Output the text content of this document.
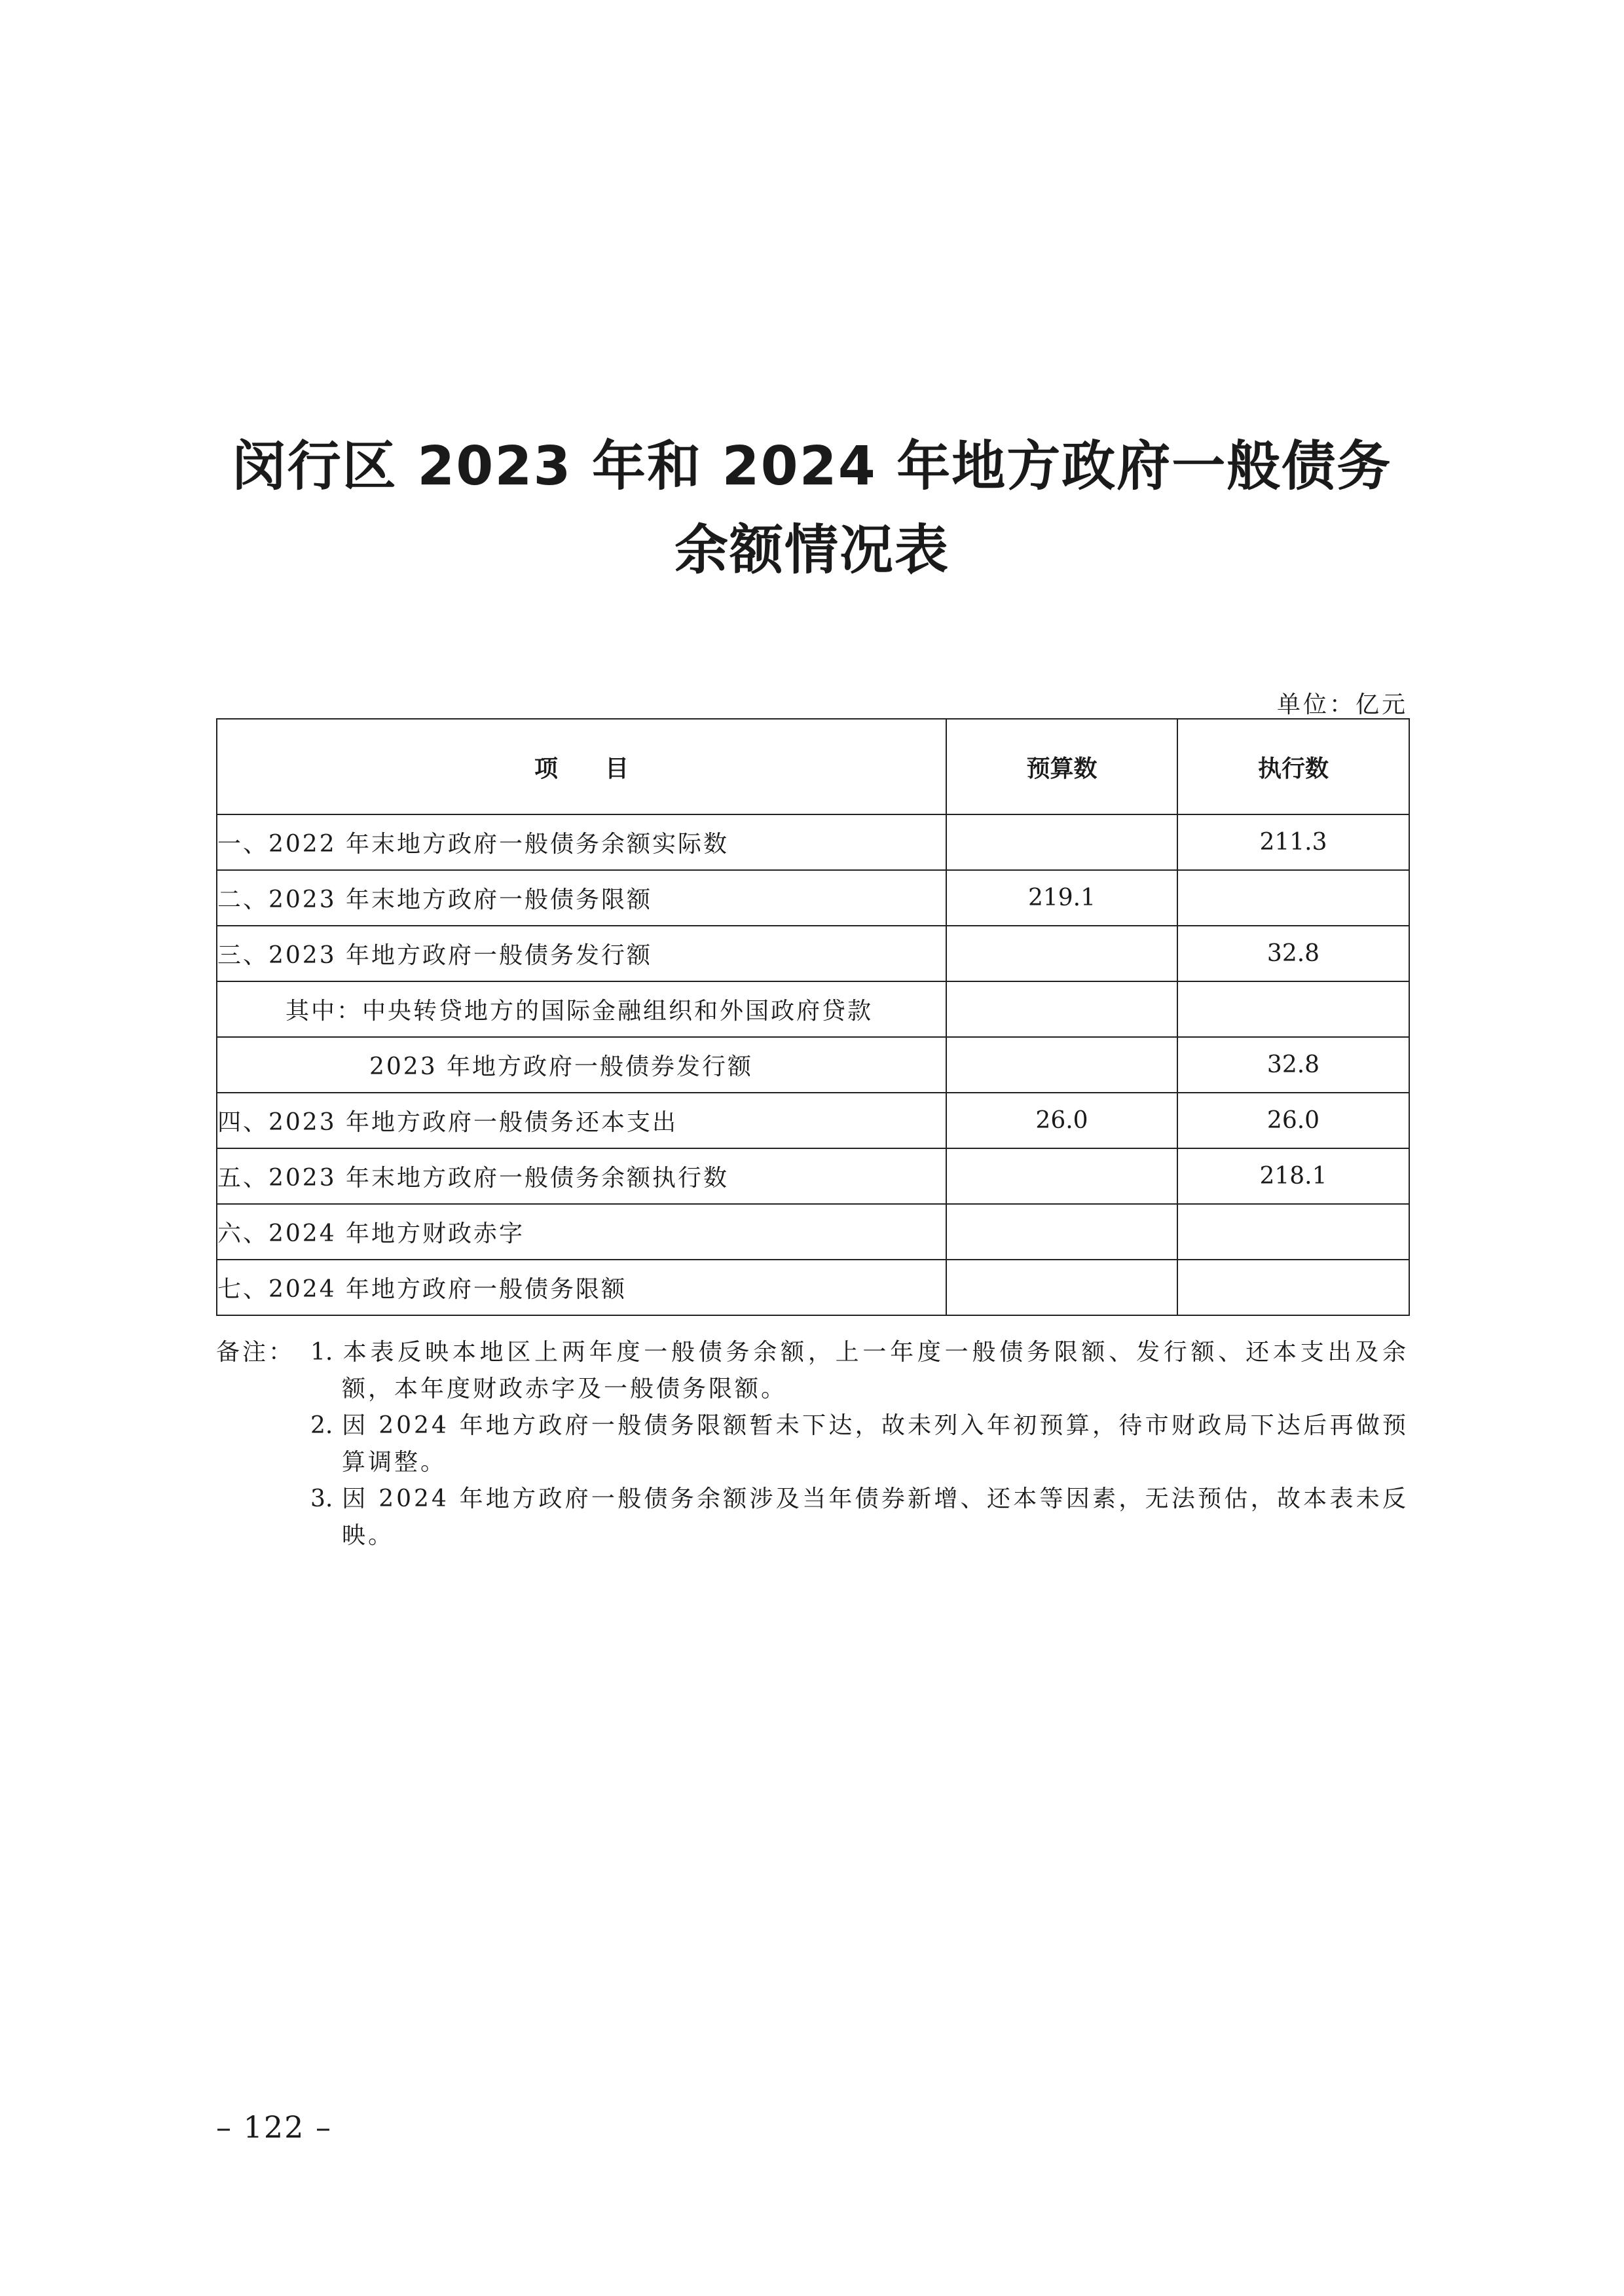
闵行区 2023 年和 2024 年地方政府一般债务
余额情况表
单位：亿元
项　　目	预算数	执行数
一、2022 年末地方政府一般债务余额实际数		211.3
二、2023 年末地方政府一般债务限额	219.1	
三、2023 年地方政府一般债务发行额		32.8
其中：中央转贷地方的国际金融组织和外国政府贷款		
2023 年地方政府一般债券发行额		32.8
四、2023 年地方政府一般债务还本支出	26.0	26.0
五、2023 年末地方政府一般债务余额执行数		218.1
六、2024 年地方财政赤字		
七、2024 年地方政府一般债务限额		
备注： 1. 本表反映本地区上两年度一般债务余额，上一年度一般债务限额、发行额、还本支出及余额，本年度财政赤字及一般债务限额。
2. 因 2024 年地方政府一般债务限额暂未下达，故未列入年初预算，待市财政局下达后再做预算调整。
3. 因 2024 年地方政府一般债务余额涉及当年债券新增、还本等因素，无法预估，故本表未反映。
– 122 –
